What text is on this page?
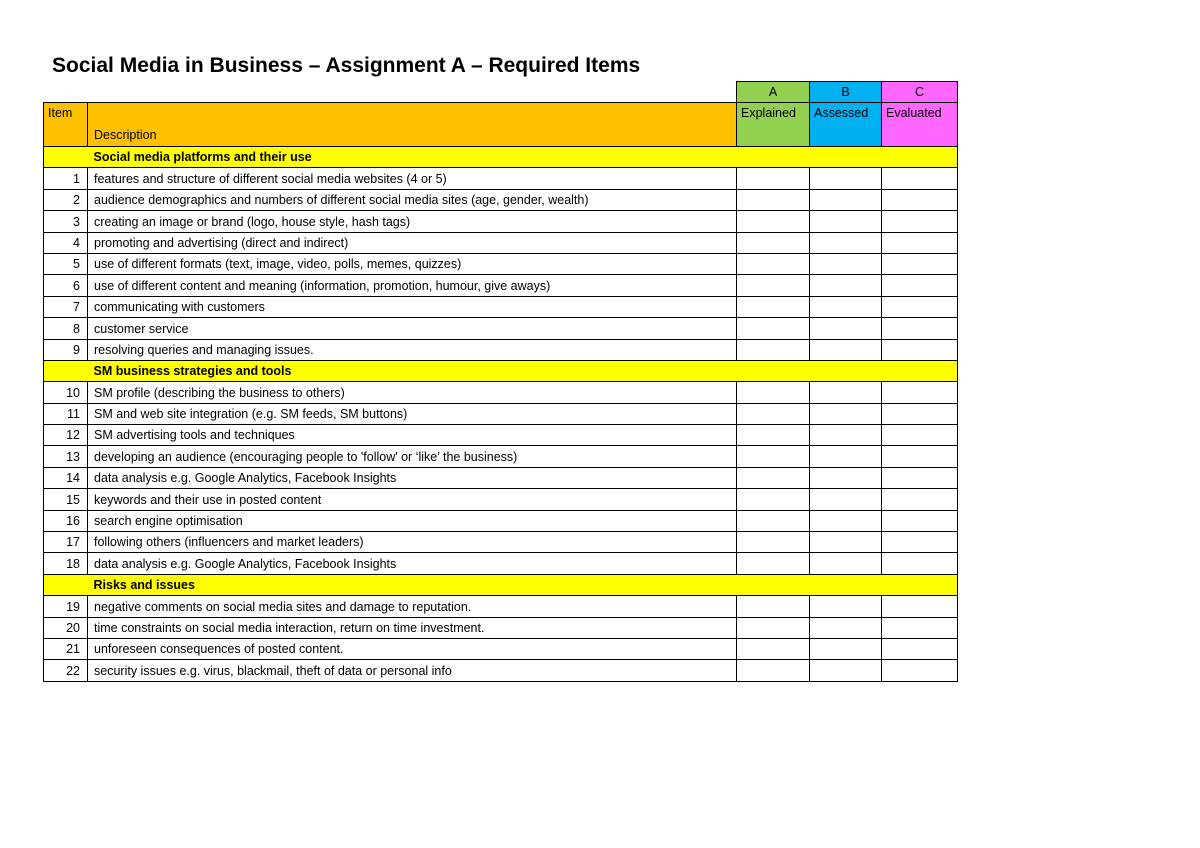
Social Media in Business – Assignment A – Required Items
		A	B	C
Item	Description	Explained	Assessed	Evaluated
	Social media platforms and their use			
1	features and structure of different social media websites (4 or 5)			
2	audience demographics and numbers of different social media sites (age, gender, wealth)			
3	creating an image or brand (logo, house style, hash tags)			
4	promoting and advertising (direct and indirect)			
5	use of different formats (text, image, video, polls, memes, quizzes)			
6	use of different content and meaning (information, promotion, humour, give aways)			
7	communicating with customers			
8	customer service			
9	resolving queries and managing issues.			
	SM business strategies and tools			
10	SM profile (describing the business to others)			
11	SM and web site integration (e.g. SM feeds, SM buttons)			
12	SM advertising tools and techniques			
13	developing an audience (encouraging people to 'follow' or ‘like’ the business)			
14	data analysis e.g. Google Analytics, Facebook Insights			
15	keywords and their use in posted content			
16	search engine optimisation			
17	following others (influencers and market leaders)			
18	data analysis e.g. Google Analytics, Facebook Insights			
	Risks and issues			
19	negative comments on social media sites and damage to reputation.			
20	time constraints on social media interaction, return on time investment.			
21	unforeseen consequences of posted content.			
22	security issues e.g. virus, blackmail, theft of data or personal info			
